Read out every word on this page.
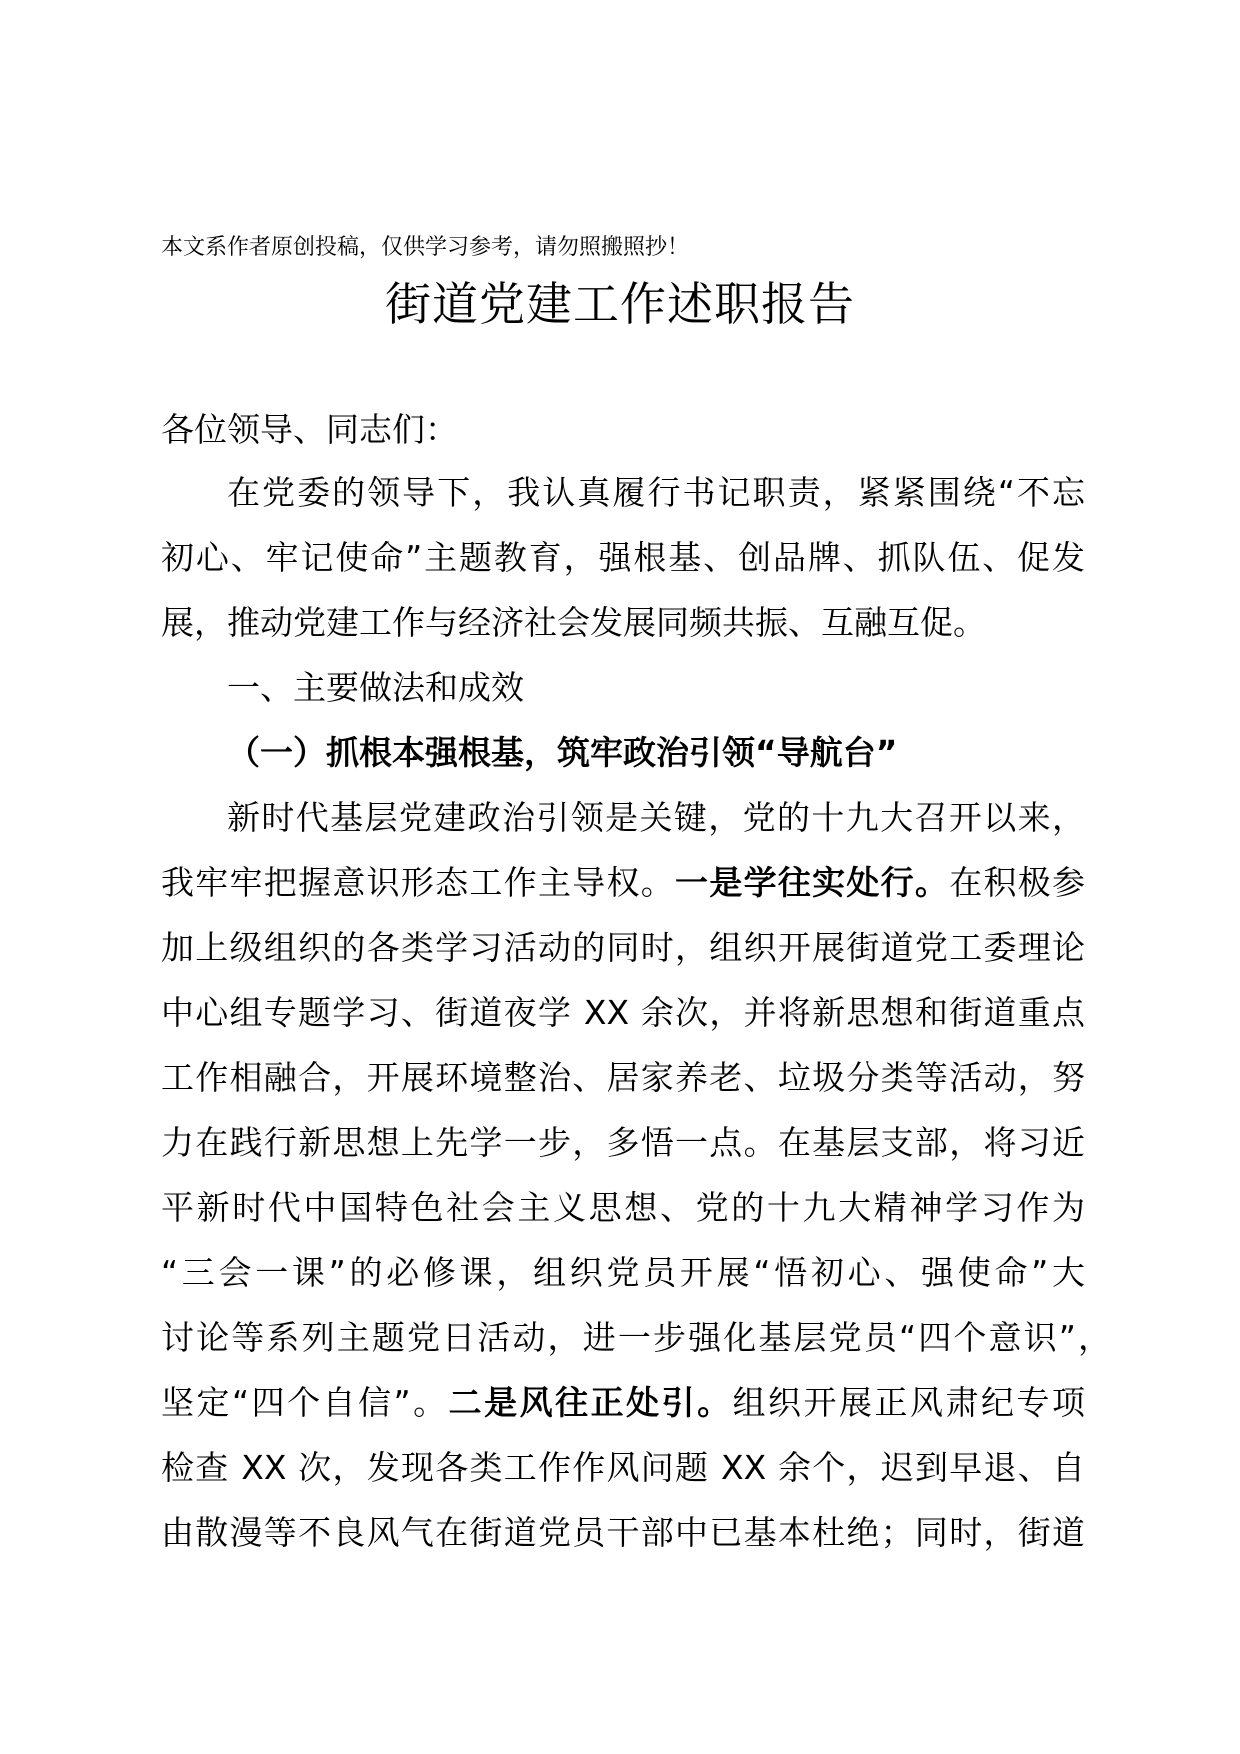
本文系作者原创投稿，仅供学习参考，请勿照搬照抄！
街道党建工作述职报告
各位领导、同志们：
在党委的领导下，我认真履行书记职责，紧紧围绕“不忘
初心、牢记使命”主题教育，强根基、创品牌、抓队伍、促发
展，推动党建工作与经济社会发展同频共振、互融互促。
一、主要做法和成效
（一）抓根本强根基，筑牢政治引领“导航台”
新时代基层党建政治引领是关键，党的十九大召开以来，
我牢牢把握意识形态工作主导权。一是学往实处行。在积极参
加上级组织的各类学习活动的同时，组织开展街道党工委理论
中心组专题学习、街道夜学 XX 余次，并将新思想和街道重点
工作相融合，开展环境整治、居家养老、垃圾分类等活动，努
力在践行新思想上先学一步，多悟一点。在基层支部，将习近
平新时代中国特色社会主义思想、党的十九大精神学习作为
“三会一课”的必修课，组织党员开展“悟初心、强使命”大
讨论等系列主题党日活动，进一步强化基层党员“四个意识”，
坚定“四个自信”。二是风往正处引。组织开展正风肃纪专项
检查 XX 次，发现各类工作作风问题 XX 余个，迟到早退、自
由散漫等不良风气在街道党员干部中已基本杜绝；同时，街道
